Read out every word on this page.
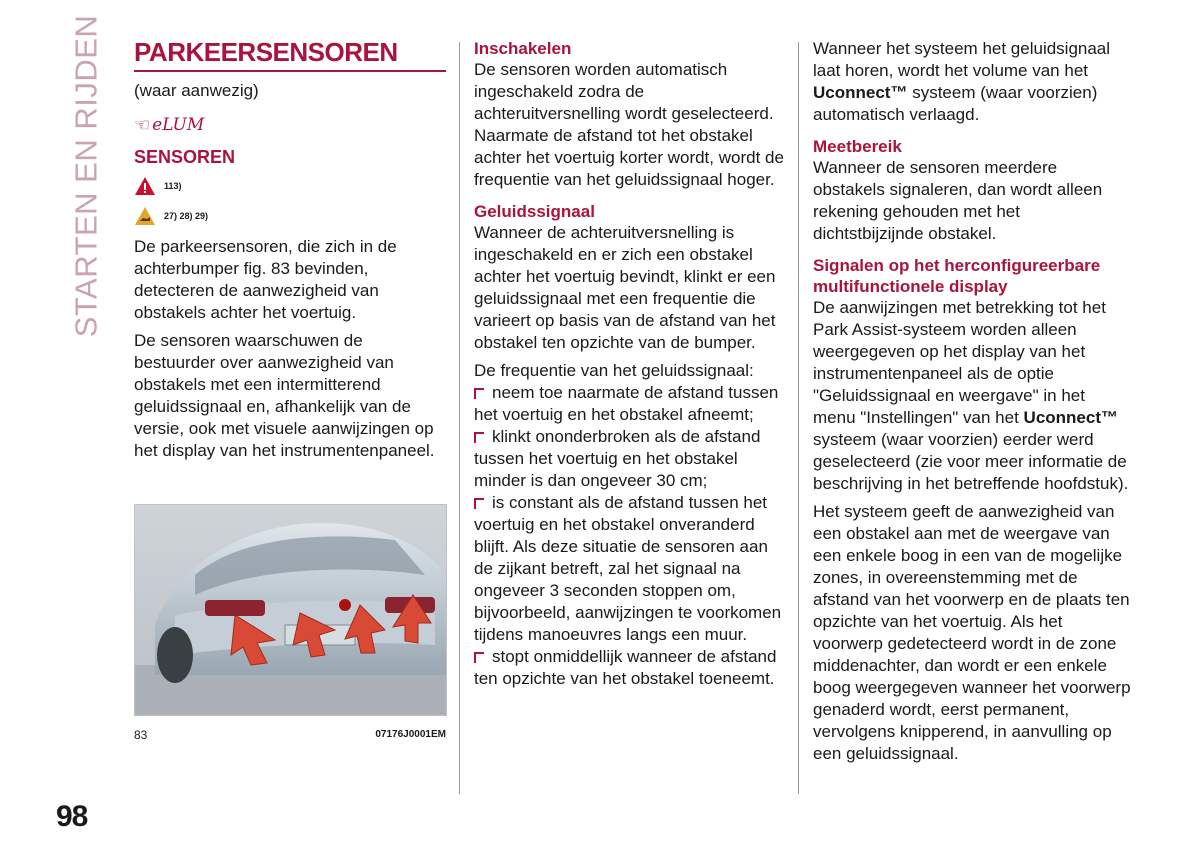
STARTEN EN RIJDEN
98
PARKEERSENSOREN
(waar aanwezig)
☜ eLUM
SENSOREN
113)
27) 28) 29)

De parkeersensoren, die zich in de achterbumper fig. 83 bevinden, detecteren de aanwezigheid van obstakels achter het voertuig.

De sensoren waarschuwen de bestuurder over aanwezigheid van obstakels met een intermitterend geluidssignaal en, afhankelijk van de versie, ook met visuele aanwijzingen op het display van het instrumentenpaneel.

83	07176J0001EM
Inschakelen

De sensoren worden automatisch ingeschakeld zodra de achteruitversnelling wordt geselecteerd. Naarmate de afstand tot het obstakel achter het voertuig korter wordt, wordt de frequentie van het geluidssignaal hoger.

Geluidssignaal

Wanneer de achteruitversnelling is ingeschakeld en er zich een obstakel achter het voertuig bevindt, klinkt er een geluidssignaal met een frequentie die varieert op basis van de afstand van het obstakel ten opzichte van de bumper.

De frequentie van het geluidssignaal:

neem toe naarmate de afstand tussen het voertuig en het obstakel afneemt;

klinkt ononderbroken als de afstand tussen het voertuig en het obstakel minder is dan ongeveer 30 cm;

is constant als de afstand tussen het voertuig en het obstakel onveranderd blijft. Als deze situatie de sensoren aan de zijkant betreft, zal het signaal na ongeveer 3 seconden stoppen om, bijvoorbeeld, aanwijzingen te voorkomen tijdens manoeuvres langs een muur.

stopt onmiddellijk wanneer de afstand ten opzichte van het obstakel toeneemt.

Wanneer het systeem het geluidsignaal laat horen, wordt het volume van het Uconnect™ systeem (waar voorzien) automatisch verlaagd.

Meetbereik

Wanneer de sensoren meerdere obstakels signaleren, dan wordt alleen rekening gehouden met het dichtstbijzijnde obstakel.

Signalen op het herconfigureerbare multifunctionele display

De aanwijzingen met betrekking tot het Park Assist-systeem worden alleen weergegeven op het display van het instrumentenpaneel als de optie "Geluidssignaal en weergave" in het menu "Instellingen" van het Uconnect™ systeem (waar voorzien) eerder werd geselecteerd (zie voor meer informatie de beschrijving in het betreffende hoofdstuk).

Het systeem geeft de aanwezigheid van een obstakel aan met de weergave van een enkele boog in een van de mogelijke zones, in overeenstemming met de afstand van het voorwerp en de plaats ten opzichte van het voertuig. Als het voorwerp gedetecteerd wordt in de zone middenachter, dan wordt er een enkele boog weergegeven wanneer het voorwerp genaderd wordt, eerst permanent, vervolgens knipperend, in aanvulling op een geluidssignaal.
